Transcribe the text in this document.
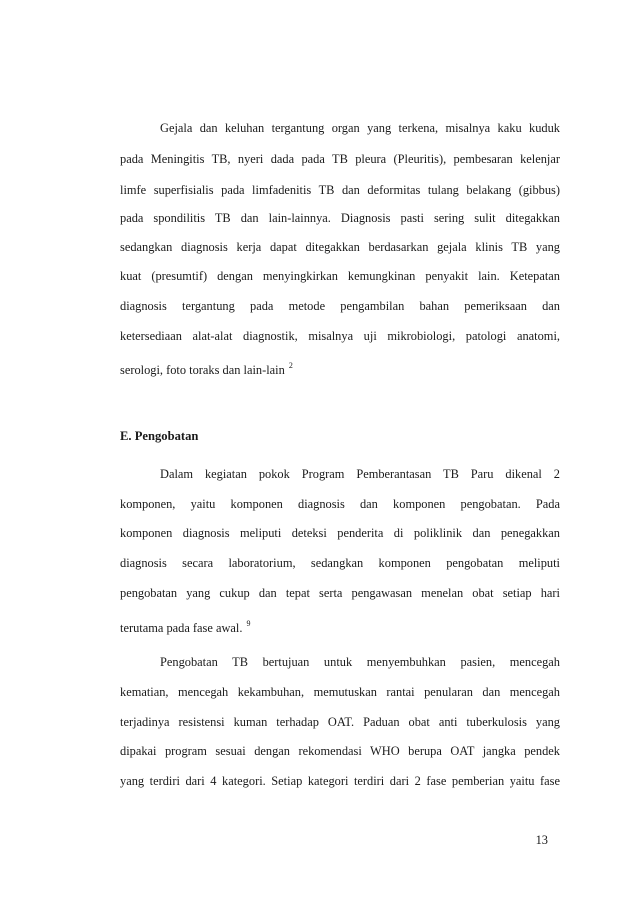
Gejala dan keluhan tergantung organ yang terkena, misalnya kaku kuduk
pada Meningitis TB, nyeri dada pada TB pleura (Pleuritis), pembesaran kelenjar
limfe superfisialis pada limfadenitis TB dan deformitas tulang belakang (gibbus)
pada spondilitis TB dan lain-lainnya. Diagnosis pasti sering sulit ditegakkan
sedangkan diagnosis kerja dapat ditegakkan berdasarkan gejala klinis TB yang
kuat (presumtif) dengan menyingkirkan kemungkinan penyakit lain. Ketepatan
diagnosis tergantung pada metode pengambilan bahan pemeriksaan dan
ketersediaan alat-alat diagnostik, misalnya uji mikrobiologi, patologi anatomi,
serologi, foto toraks dan lain-lain $^2$
E. Pengobatan
Dalam kegiatan pokok Program Pemberantasan TB Paru dikenal 2
komponen, yaitu komponen diagnosis dan komponen pengobatan. Pada
komponen diagnosis meliputi deteksi penderita di poliklinik dan penegakkan
diagnosis secara laboratorium, sedangkan komponen pengobatan meliputi
pengobatan yang cukup dan tepat serta pengawasan menelan obat setiap hari
terutama pada fase awal. $^9$
Pengobatan TB bertujuan untuk menyembuhkan pasien, mencegah
kematian, mencegah kekambuhan, memutuskan rantai penularan dan mencegah
terjadinya resistensi kuman terhadap OAT. Paduan obat anti tuberkulosis yang
dipakai program sesuai dengan rekomendasi WHO berupa OAT jangka pendek
yang terdiri dari 4 kategori. Setiap kategori terdiri dari 2 fase pemberian yaitu fase
13
